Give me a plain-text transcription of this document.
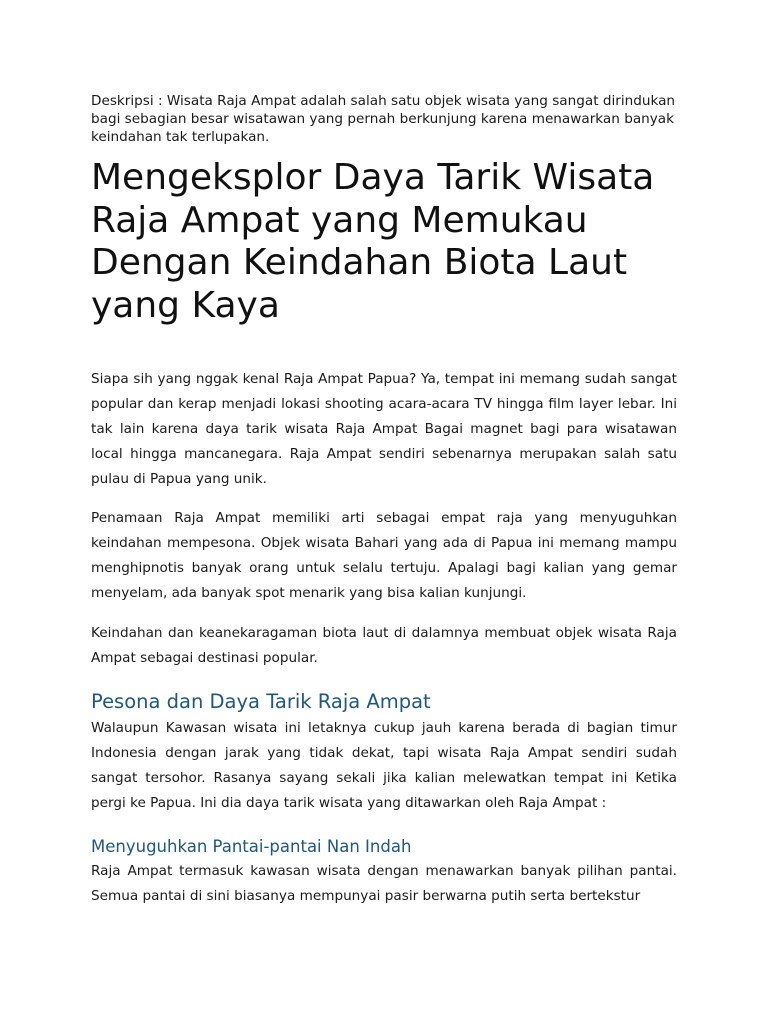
Deskripsi : Wisata Raja Ampat adalah salah satu objek wisata yang sangat dirindukan bagi sebagian besar wisatawan yang pernah berkunjung karena menawarkan banyak keindahan tak terlupakan.

Mengeksplor Daya Tarik Wisata Raja Ampat yang Memukau Dengan Keindahan Biota Laut yang Kaya

Siapa sih yang nggak kenal Raja Ampat Papua? Ya, tempat ini memang sudah sangat popular dan kerap menjadi lokasi shooting acara-acara TV hingga film layer lebar. Ini tak lain karena daya tarik wisata Raja Ampat Bagai magnet bagi para wisatawan local hingga mancanegara. Raja Ampat sendiri sebenarnya merupakan salah satu pulau di Papua yang unik.

Penamaan Raja Ampat memiliki arti sebagai empat raja yang menyuguhkan keindahan mempesona. Objek wisata Bahari yang ada di Papua ini memang mampu menghipnotis banyak orang untuk selalu tertuju. Apalagi bagi kalian yang gemar menyelam, ada banyak spot menarik yang bisa kalian kunjungi.

Keindahan dan keanekaragaman biota laut di dalamnya membuat objek wisata Raja Ampat sebagai destinasi popular.

Pesona dan Daya Tarik Raja Ampat

Walaupun Kawasan wisata ini letaknya cukup jauh karena berada di bagian timur Indonesia dengan jarak yang tidak dekat, tapi wisata Raja Ampat sendiri sudah sangat tersohor. Rasanya sayang sekali jika kalian melewatkan tempat ini Ketika pergi ke Papua. Ini dia daya tarik wisata yang ditawarkan oleh Raja Ampat :

Menyuguhkan Pantai-pantai Nan Indah

Raja Ampat termasuk kawasan wisata dengan menawarkan banyak pilihan pantai. Semua pantai di sini biasanya mempunyai pasir berwarna putih serta bertekstur
